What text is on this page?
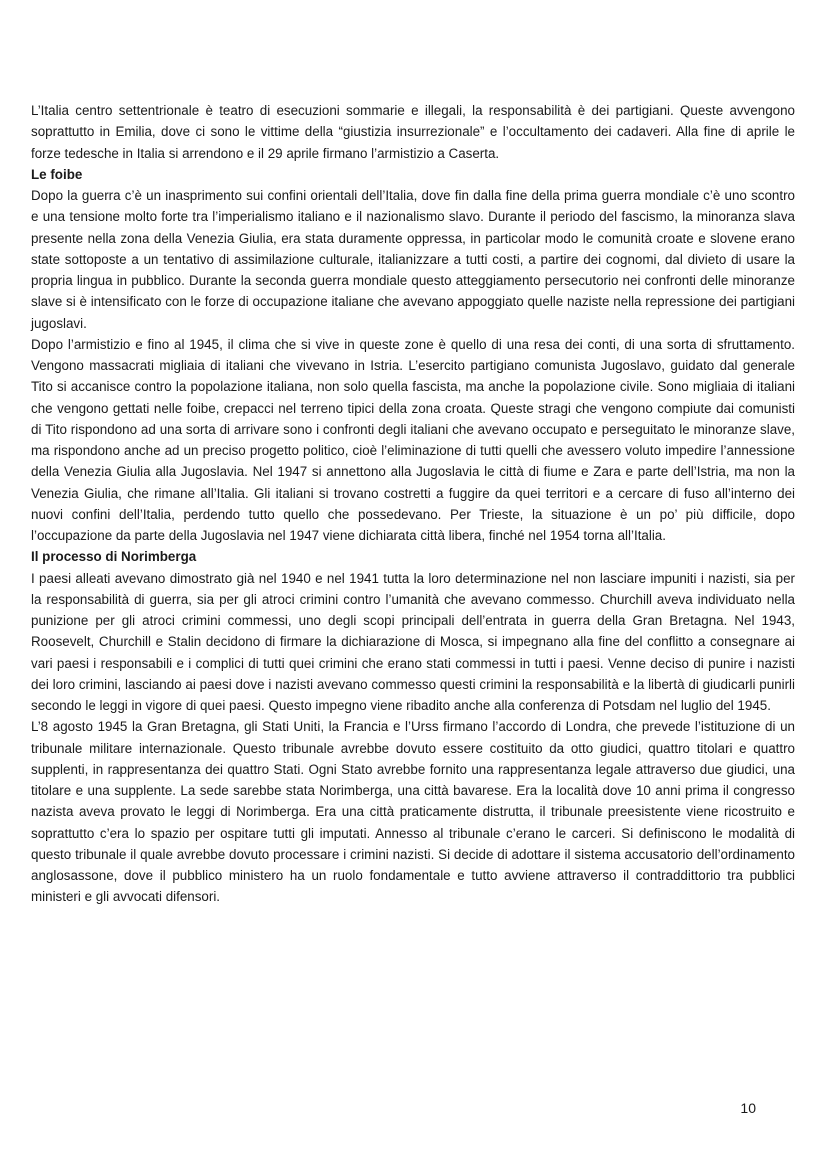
L’Italia centro settentrionale è teatro di esecuzioni sommarie e illegali, la responsabilità è dei partigiani. Queste avvengono soprattutto in Emilia, dove ci sono le vittime della “giustizia insurrezionale” e l’occultamento dei cadaveri. Alla fine di aprile le forze tedesche in Italia si arrendono e il 29 aprile firmano l’armistizio a Caserta.

Le foibe

Dopo la guerra c’è un inasprimento sui confini orientali dell’Italia, dove fin dalla fine della prima guerra mondiale c’è uno scontro e una tensione molto forte tra l’imperialismo italiano e il nazionalismo slavo. Durante il periodo del fascismo, la minoranza slava presente nella zona della Venezia Giulia, era stata duramente oppressa, in particolar modo le comunità croate e slovene erano state sottoposte a un tentativo di assimilazione culturale, italianizzare a tutti costi, a partire dei cognomi, dal divieto di usare la propria lingua in pubblico. Durante la seconda guerra mondiale questo atteggiamento persecutorio nei confronti delle minoranze slave si è intensificato con le forze di occupazione italiane che avevano appoggiato quelle naziste nella repressione dei partigiani jugoslavi.

Dopo l’armistizio e fino al 1945, il clima che si vive in queste zone è quello di una resa dei conti, di una sorta di sfruttamento. Vengono massacrati migliaia di italiani che vivevano in Istria. L’esercito partigiano comunista Jugoslavo, guidato dal generale Tito si accanisce contro la popolazione italiana, non solo quella fascista, ma anche la popolazione civile. Sono migliaia di italiani che vengono gettati nelle foibe, crepacci nel terreno tipici della zona croata. Queste stragi che vengono compiute dai comunisti di Tito rispondono ad una sorta di arrivare sono i confronti degli italiani che avevano occupato e perseguitato le minoranze slave, ma rispondono anche ad un preciso progetto politico, cioè l’eliminazione di tutti quelli che avessero voluto impedire l’annessione della Venezia Giulia alla Jugoslavia. Nel 1947 si annettono alla Jugoslavia le città di fiume e Zara e parte dell’Istria, ma non la Venezia Giulia, che rimane all’Italia. Gli italiani si trovano costretti a fuggire da quei territori e a cercare di fuso all’interno dei nuovi confini dell’Italia, perdendo tutto quello che possedevano. Per Trieste, la situazione è un po’ più difficile, dopo l’occupazione da parte della Jugoslavia nel 1947 viene dichiarata città libera, finché nel 1954 torna all’Italia.

Il processo di Norimberga

I paesi alleati avevano dimostrato già nel 1940 e nel 1941 tutta la loro determinazione nel non lasciare impuniti i nazisti, sia per la responsabilità di guerra, sia per gli atroci crimini contro l’umanità che avevano commesso. Churchill aveva individuato nella punizione per gli atroci crimini commessi, uno degli scopi principali dell’entrata in guerra della Gran Bretagna. Nel 1943, Roosevelt, Churchill e Stalin decidono di firmare la dichiarazione di Mosca, si impegnano alla fine del conflitto a consegnare ai vari paesi i responsabili e i complici di tutti quei crimini che erano stati commessi in tutti i paesi. Venne deciso di punire i nazisti dei loro crimini, lasciando ai paesi dove i nazisti avevano commesso questi crimini la responsabilità e la libertà di giudicarli punirli secondo le leggi in vigore di quei paesi. Questo impegno viene ribadito anche alla conferenza di Potsdam nel luglio del 1945.

L’8 agosto 1945 la Gran Bretagna, gli Stati Uniti, la Francia e l’Urss firmano l’accordo di Londra, che prevede l’istituzione di un tribunale militare internazionale. Questo tribunale avrebbe dovuto essere costituito da otto giudici, quattro titolari e quattro supplenti, in rappresentanza dei quattro Stati. Ogni Stato avrebbe fornito una rappresentanza legale attraverso due giudici, una titolare e una supplente. La sede sarebbe stata Norimberga, una città bavarese. Era la località dove 10 anni prima il congresso nazista aveva provato le leggi di Norimberga. Era una città praticamente distrutta, il tribunale preesistente viene ricostruito e soprattutto c’era lo spazio per ospitare tutti gli imputati. Annesso al tribunale c’erano le carceri. Si definiscono le modalità di questo tribunale il quale avrebbe dovuto processare i crimini nazisti. Si decide di adottare il sistema accusatorio dell’ordinamento anglosassone, dove il pubblico ministero ha un ruolo fondamentale e tutto avviene attraverso il contraddittorio tra pubblici ministeri e gli avvocati difensori.

10
